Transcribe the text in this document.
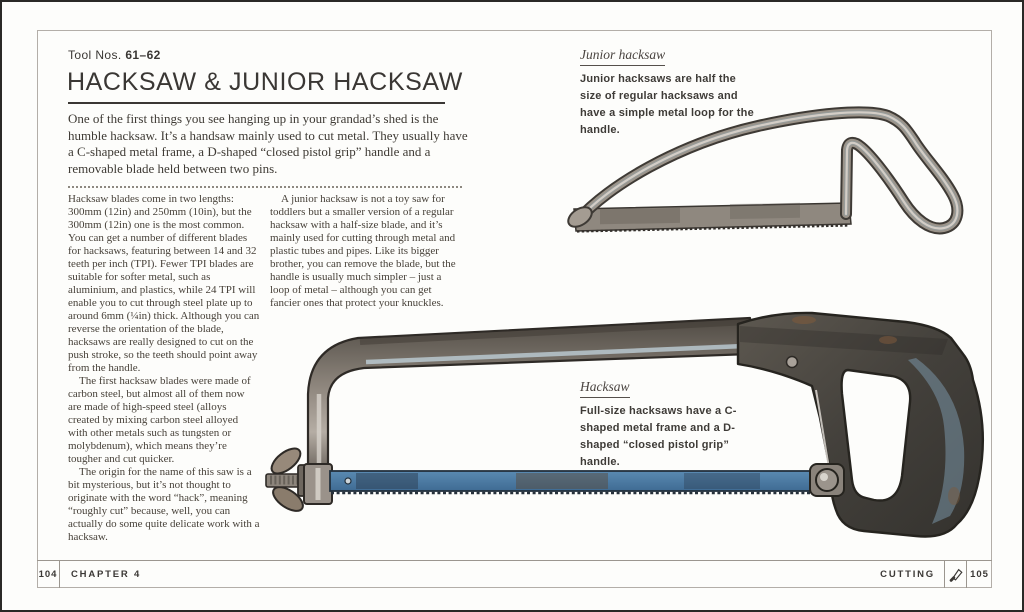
Tool Nos. 61–62
HACKSAW & JUNIOR HACKSAW

One of the first things you see hanging up in your grandad’s shed is the humble hacksaw. It’s a handsaw mainly used to cut metal. They usually have a C-shaped metal frame, a D-shaped “closed pistol grip” handle and a removable blade held between two pins.

Hacksaw blades come in two lengths: 300mm (12in) and 250mm (10in), but the 300mm (12in) one is the most common. You can get a number of different blades for hacksaws, featuring between 14 and 32 teeth per inch (TPI). Fewer TPI blades are suitable for softer metal, such as aluminium, and plastics, while 24 TPI will enable you to cut through steel plate up to around 6mm (¼in) thick. Although you can reverse the orientation of the blade, hacksaws are really designed to cut on the push stroke, so the teeth should point away from the handle.

The first hacksaw blades were made of carbon steel, but almost all of them now are made of high-speed steel (alloys created by mixing carbon steel alloyed with other metals such as tungsten or molybdenum), which means they’re tougher and cut quicker.

The origin for the name of this saw is a bit mysterious, but it’s not thought to originate with the word “hack”, meaning “roughly cut” because, well, you can actually do some quite delicate work with a hacksaw.

A junior hacksaw is not a toy saw for toddlers but a smaller version of a regular hacksaw with a half-size blade, and it’s mainly used for cutting through metal and plastic tubes and pipes. Like its bigger brother, you can remove the blade, but the handle is usually much simpler – just a loop of metal – although you can get fancier ones that protect your knuckles.

Junior hacksaw
Junior hacksaws are half the size of regular hacksaws and have a simple metal loop for the handle.
Hacksaw
Full-size hacksaws have a C-shaped metal frame and a D-shaped “closed pistol grip” handle.
104	CHAPTER 4	CUTTING	105
